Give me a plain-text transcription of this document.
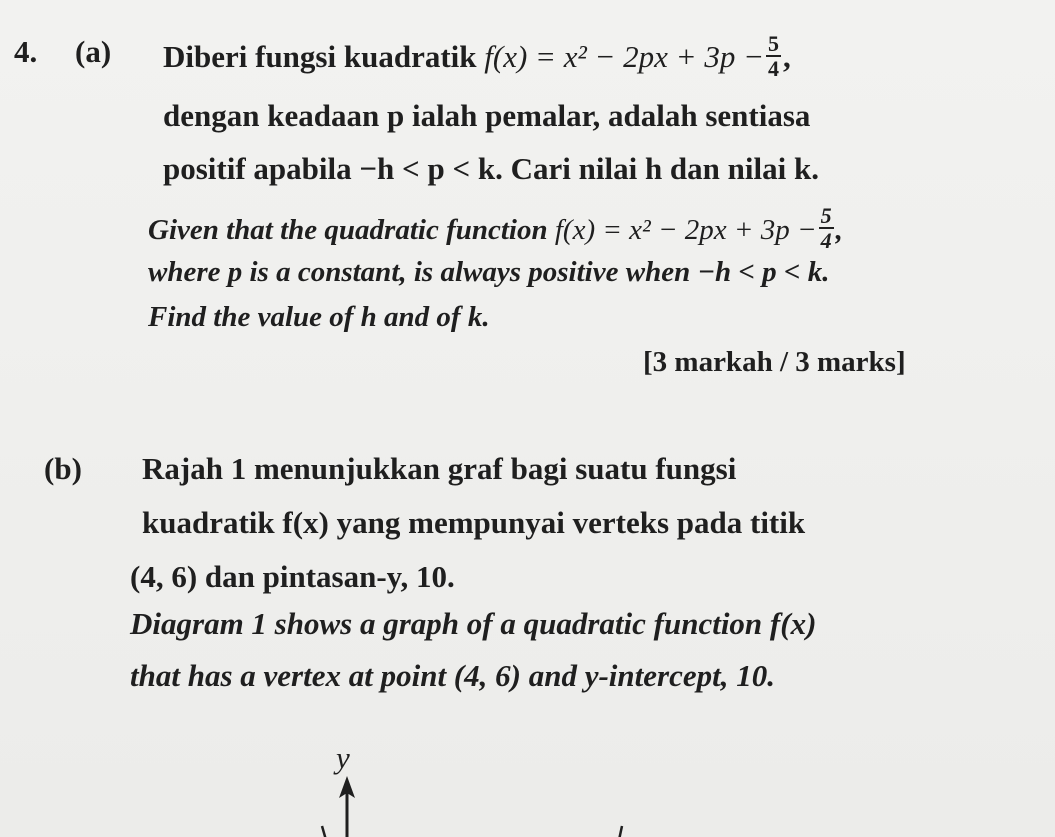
4. (a) Diberi fungsi kuadratik $f(x) = x^2 - 2px + 3p - \frac{5}{4}$ ,

dengan keadaan p ialah pemalar, adalah sentiasa

positif apabila −h < p < k. Cari nilai h dan nilai k.

Given that the quadratic function $f(x) = x^2 - 2px + 3p - \frac{5}{4}$ ,

where p is a constant, is always positive when −h < p < k.

Find the value of h and of k.

[3 markah / 3 marks]

(b) Rajah 1 menunjukkan graf bagi suatu fungsi

kuadratik f(x) yang mempunyai verteks pada titik

(4, 6) dan pintasan-y, 10.

Diagram 1 shows a graph of a quadratic function f(x)

that has a vertex at point (4, 6) and y-intercept, 10.

y
